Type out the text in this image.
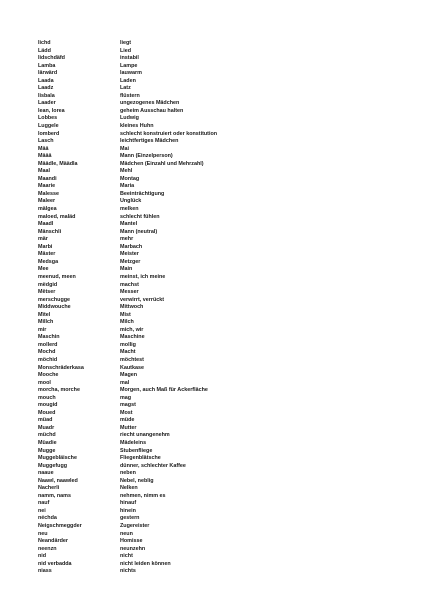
lichd	liegt
Lädd	Lied
lidschdäfd	instabil
Lamba	Lampe
lärwärd	lauwarm
Laada	Laden
Laadz	Latz
lisbala	flüstern
Laader	ungezogenes Mädchen
lean, lorea	geheim Ausschau halten
Lobbes	Ludwig
Luggele	kleines Huhn
lomberd	schlecht konstruiert oder konstitution
Lasch	leichtfertiges Mädchen
Mää	Mai
Määä	Mann (Einzelperson)
Määdle, Määdla	Mädchen (Einzahl und Mehrzahl)
Maal	Mehl
Maandi	Montag
Maarie	Maria
Malesse	Beeinträchtigung
Maleer	Unglück
mälgea	melken
maloed, maläd	schlecht fühlen
Maadl	Mantel
Mänschli	Mann (neutral)
mär	mehr
Marbi	Marbach
Mäster	Meister
Medsga	Metzger
Mee	Main
meenud, meen	meinst, ich meine
mëdgid	machst
Mëtser	Messer
merschugge	verwirrt, verrückt
Middwouche	Mittwoch
Mïtel	Mist
Millch	Milch
mir	mich, wir
Maschin	Maschine
mollerd	mollig
Mochd	Macht
möchid	möchtest
Monschräderkasa	Kautkase
Mooche	Magen
mool	mal
morcha, morche	Morgen, auch Maß für Ackerfläche
mouch	mag
mougid	magst
Moued	Most
müad	müde
Muadr	Mutter
müchd	riecht unangenehm
Müadie	Mädeleins
Mugge	Stubenfliege
Muggebläische	Fliegenblätsche
Muggefugg	dünner, schlechter Kaffee
naaue	neben
Naawl, naawled	Nebel, neblig
Nacherli	Nelken
namm, nams	nehmen, nimm es
nauf	hinauf
nei	hinein
néchda	gestern
Neigschmeggder	Zugereister
neu	neun
Neandärder	Homisse
neenzn	neunzehn
nid	nicht
nid verbadda	nicht leiden können
niass	nichts
